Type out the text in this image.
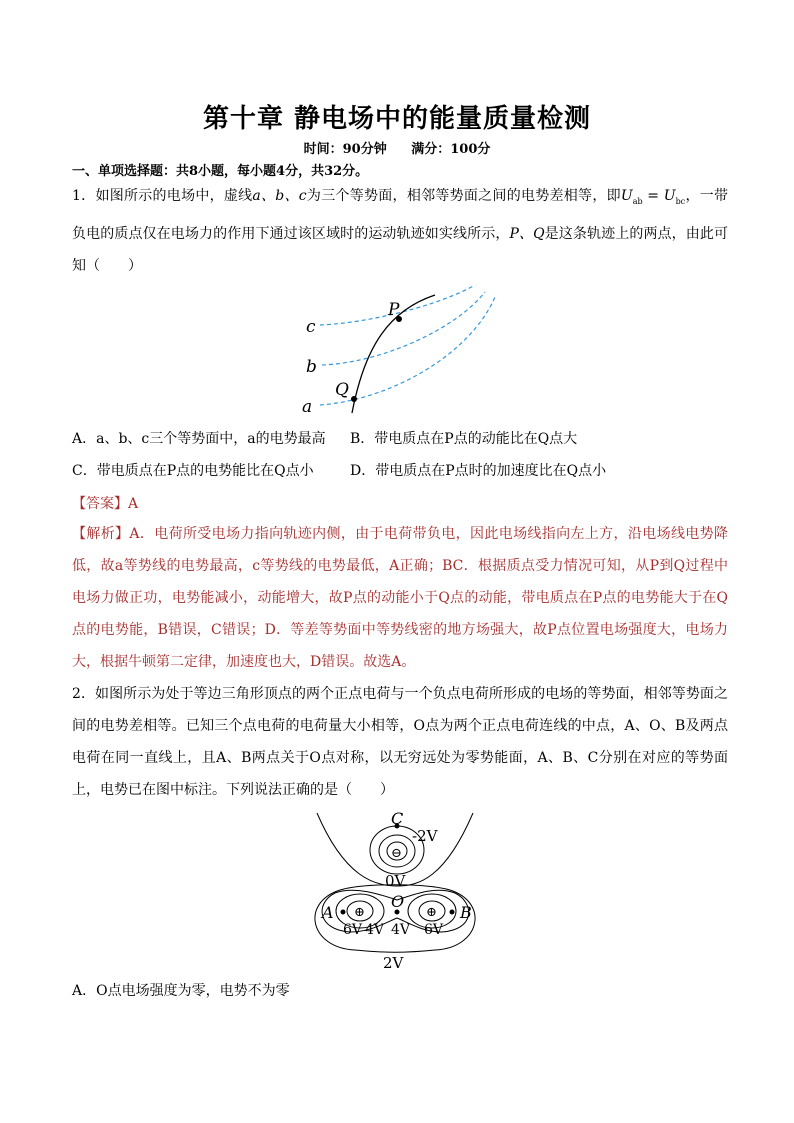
第十章 静电场中的能量质量检测
时间：90分钟 满分：100分
一、单项选择题：共8小题，每小题4分，共32分。
1．如图所示的电场中，虚线a、b、c为三个等势面，相邻等势面之间的电势差相等，即$U_{ab} = U_{bc}$，一带负电的质点仅在电场力的作用下通过该区域时的运动轨迹如实线所示，P、Q是这条轨迹上的两点，由此可知（　　）
c
b
a
P
Q
A．a、b、c三个等势面中，a的电势最高 B．带电质点在P点的动能比在Q点大
C．带电质点在P点的电势能比在Q点小	D．带电质点在P点时的加速度比在Q点小
【答案】A
【解析】A．电荷所受电场力指向轨迹内侧，由于电荷带负电，因此电场线指向左上方，沿电场线电势降低，故a等势线的电势最高，c等势线的电势最低，A正确；BC．根据质点受力情况可知，从P到Q过程中电场力做正功，电势能减小，动能增大，故P点的动能小于Q点的动能，带电质点在P点的电势能大于在Q点的电势能，B错误，C错误；D．等差等势面中等势线密的地方场强大，故P点位置电场强度大，电场力大，根据牛顿第二定律，加速度也大，D错误。故选A。
2．如图所示为处于等边三角形顶点的两个正点电荷与一个负点电荷所形成的电场的等势面，相邻等势面之间的电势差相等。已知三个点电荷的电荷量大小相等，O点为两个正点电荷连线的中点，A、O、B及两点电荷在同一直线上，且A、B两点关于O点对称，以无穷远处为零势能面，A、B、C分别在对应的等势面上，电势已在图中标注。下列说法正确的是（　　）
⊖
⊕	⊕
C
-2V
0V
A
O
B
6V 4V 4V 6V
2V
A．O点电场强度为零，电势不为零
